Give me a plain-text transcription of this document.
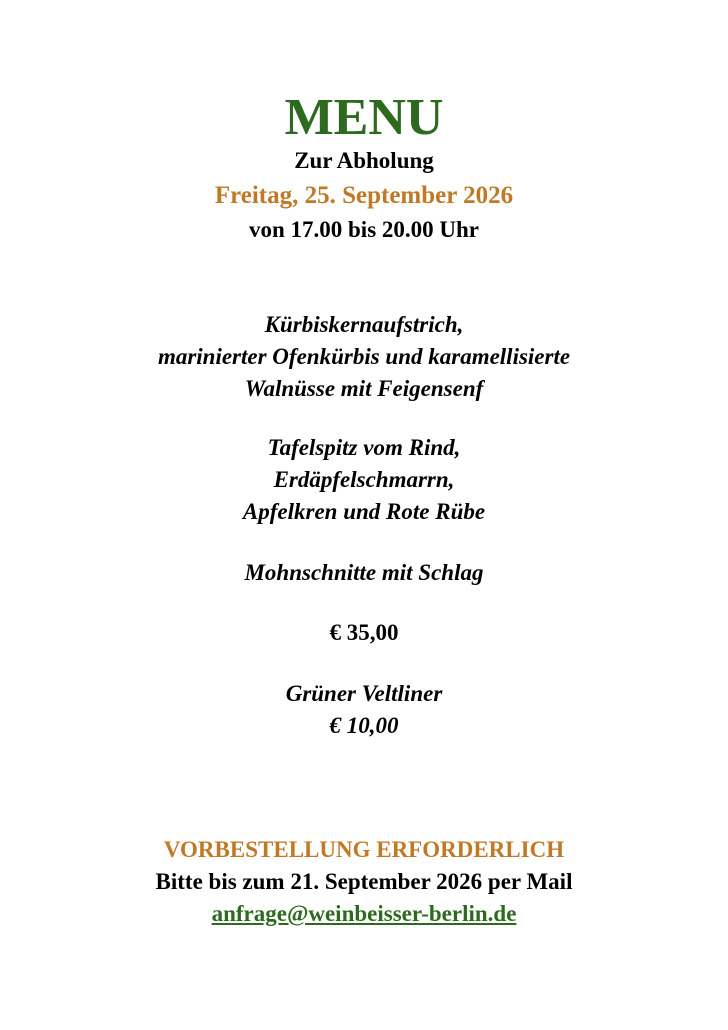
MENU
Zur Abholung
Freitag, 25. September 2026
von 17.00 bis 20.00 Uhr
Kürbiskernaufstrich,
marinierter Ofenkürbis und karamellisierte
Walnüsse mit Feigensenf
Tafelspitz vom Rind,
Erdäpfelschmarrn,
Apfelkren und Rote Rübe
Mohnschnitte mit Schlag
€ 35,00
Grüner Veltliner
€ 10,00
VORBESTELLUNG ERFORDERLICH
Bitte bis zum 21. September 2026 per Mail
anfrage@weinbeisser-berlin.de
